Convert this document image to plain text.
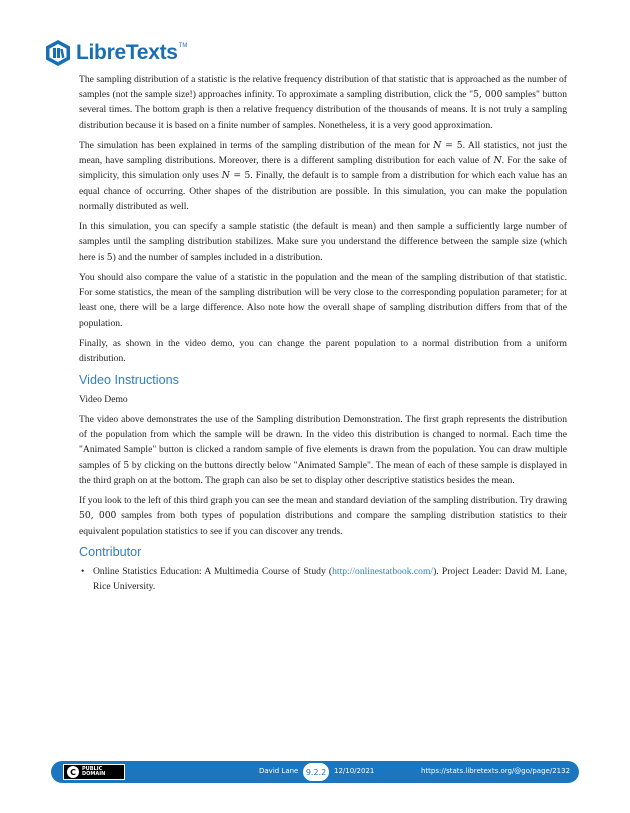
LibreTexts TM

The sampling distribution of a statistic is the relative frequency distribution of that statistic that is approached as the number of samples (not the sample size!) approaches infinity. To approximate a sampling distribution, click the "5, 000 samples" button several times. The bottom graph is then a relative frequency distribution of the thousands of means. It is not truly a sampling distribution because it is based on a finite number of samples. Nonetheless, it is a very good approximation.

The simulation has been explained in terms of the sampling distribution of the mean for N = 5. All statistics, not just the mean, have sampling distributions. Moreover, there is a different sampling distribution for each value of N. For the sake of simplicity, this simulation only uses N = 5. Finally, the default is to sample from a distribution for which each value has an equal chance of occurring. Other shapes of the distribution are possible. In this simulation, you can make the population normally distributed as well.

In this simulation, you can specify a sample statistic (the default is mean) and then sample a sufficiently large number of samples until the sampling distribution stabilizes. Make sure you understand the difference between the sample size (which here is 5) and the number of samples included in a distribution.

You should also compare the value of a statistic in the population and the mean of the sampling distribution of that statistic. For some statistics, the mean of the sampling distribution will be very close to the corresponding population parameter; for at least one, there will be a large difference. Also note how the overall shape of sampling distribution differs from that of the population.

Finally, as shown in the video demo, you can change the parent population to a normal distribution from a uniform distribution.

Video Instructions

Video Demo

The video above demonstrates the use of the Sampling distribution Demonstration. The first graph represents the distribution of the population from which the sample will be drawn. In the video this distribution is changed to normal. Each time the "Animated Sample" button is clicked a random sample of five elements is drawn from the population. You can draw multiple samples of 5 by clicking on the buttons directly below "Animated Sample". The mean of each of these sample is displayed in the third graph on at the bottom. The graph can also be set to display other descriptive statistics besides the mean.

If you look to the left of this third graph you can see the mean and standard deviation of the sampling distribution. Try drawing 50, 000 samples from both types of population distributions and compare the sampling distribution statistics to their equivalent population statistics to see if you can discover any trends.

Contributor
• Online Statistics Education: A Multimedia Course of Study (http://onlinestatbook.com/). Project Leader: David M. Lane, Rice University.
C	PUBLIC
DOMAIN	David Lane 9.2.2	12/10/2021	https://stats.libretexts.org/@go/page/2132
